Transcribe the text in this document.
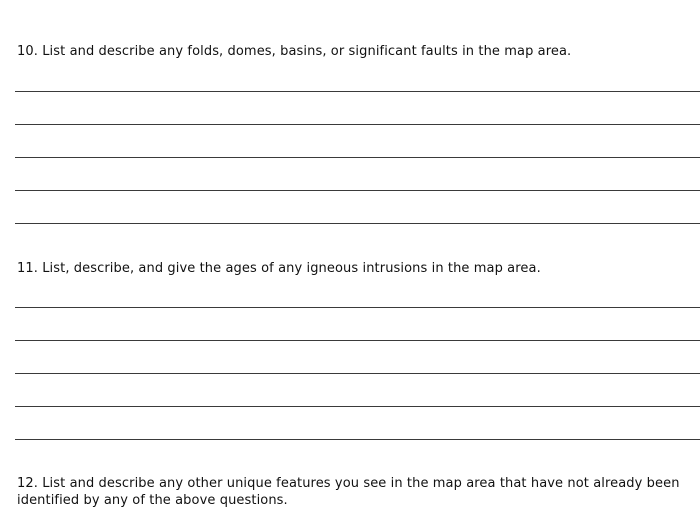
10. List and describe any folds, domes, basins, or significant faults in the map area.
11. List, describe, and give the ages of any igneous intrusions in the map area.
12. List and describe any other unique features you see in the map area that have not already been
identified by any of the above questions.
